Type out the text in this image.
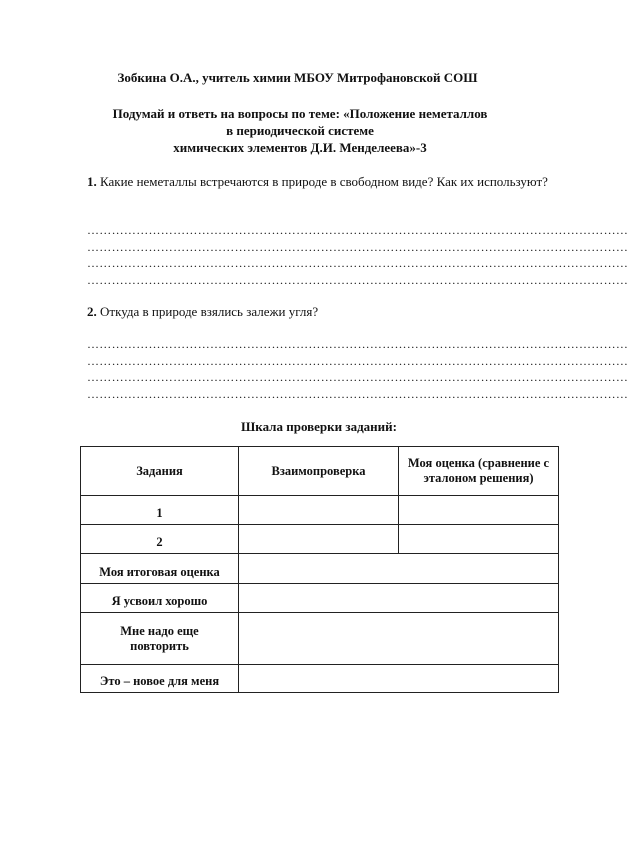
Зобкина О.А., учитель химии МБОУ Митрофановской СОШ
Подумай и ответь на вопросы по теме: «Положение неметаллов
в периодической системе
химических элементов Д.И. Менделеева»-3
1. Какие неметаллы встречаются в природе в свободном виде? Как их используют?
……………………………………………………………………………………………………………………
……………………………………………………………………………………………………………………
……………………………………………………………………………………………………………………
……………………………………………………………………………………………………………………
2. Откуда в природе взялись залежи угля?
……………………………………………………………………………………………………………………
……………………………………………………………………………………………………………………
……………………………………………………………………………………………………………………
……………………………………………………………………………………………………………………
Шкала проверки заданий:
Задания	Взаимопроверка	Моя оценка (сравнение с эталоном решения)
1		
2		
Моя итоговая оценка		
Я усвоил хорошо		
Мне надо еще повторить		
Это – новое для меня		
